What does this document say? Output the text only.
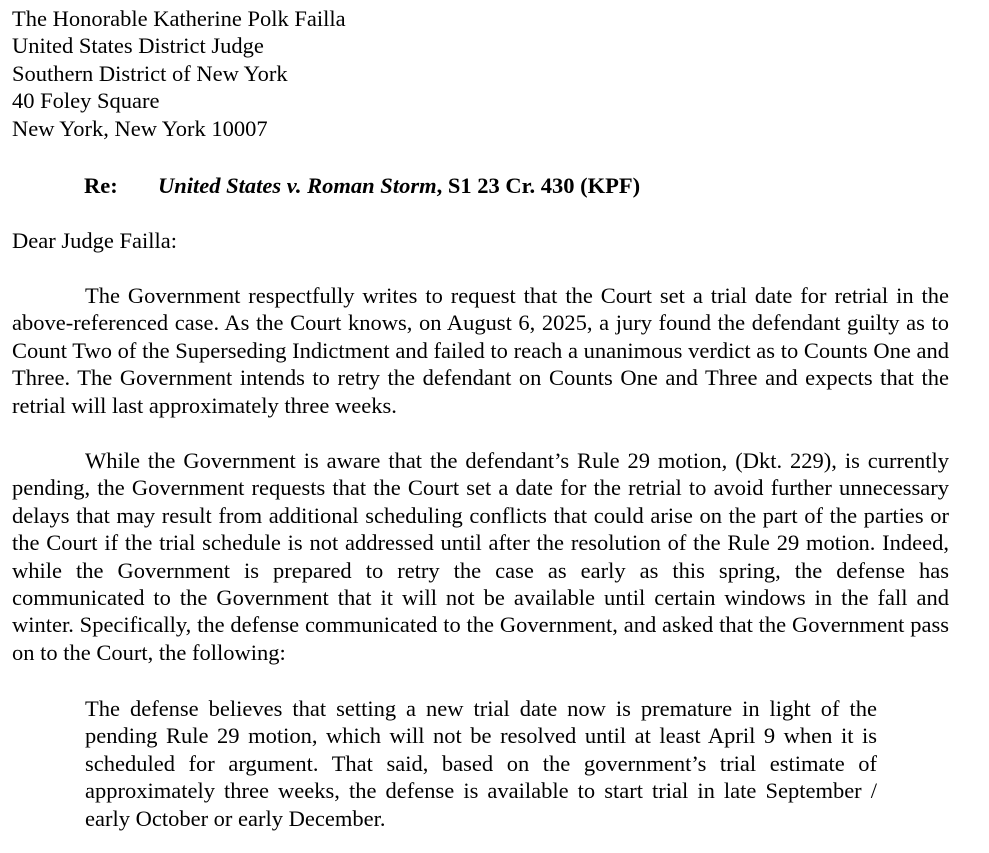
The Honorable Katherine Polk Failla
United States District Judge
Southern District of New York
40 Foley Square
New York, New York 10007
Re: United States v. Roman Storm, S1 23 Cr. 430 (KPF)
Dear Judge Failla:

The Government respectfully writes to request that the Court set a trial date for retrial in the above-referenced case. As the Court knows, on August 6, 2025, a jury found the defendant guilty as to Count Two of the Superseding Indictment and failed to reach a unanimous verdict as to Counts One and Three. The Government intends to retry the defendant on Counts One and Three and expects that the retrial will last approximately three weeks.

While the Government is aware that the defendant’s Rule 29 motion, (Dkt. 229), is currently pending, the Government requests that the Court set a date for the retrial to avoid further unnecessary delays that may result from additional scheduling conflicts that could arise on the part of the parties or the Court if the trial schedule is not addressed until after the resolution of the Rule 29 motion. Indeed, while the Government is prepared to retry the case as early as this spring, the defense has communicated to the Government that it will not be available until certain windows in the fall and winter. Specifically, the defense communicated to the Government, and asked that the Government pass on to the Court, the following:

The defense believes that setting a new trial date now is premature in light of the pending Rule 29 motion, which will not be resolved until at least April 9 when it is scheduled for argument. That said, based on the government’s trial estimate of approximately three weeks, the defense is available to start trial in late September / early October or early December.
